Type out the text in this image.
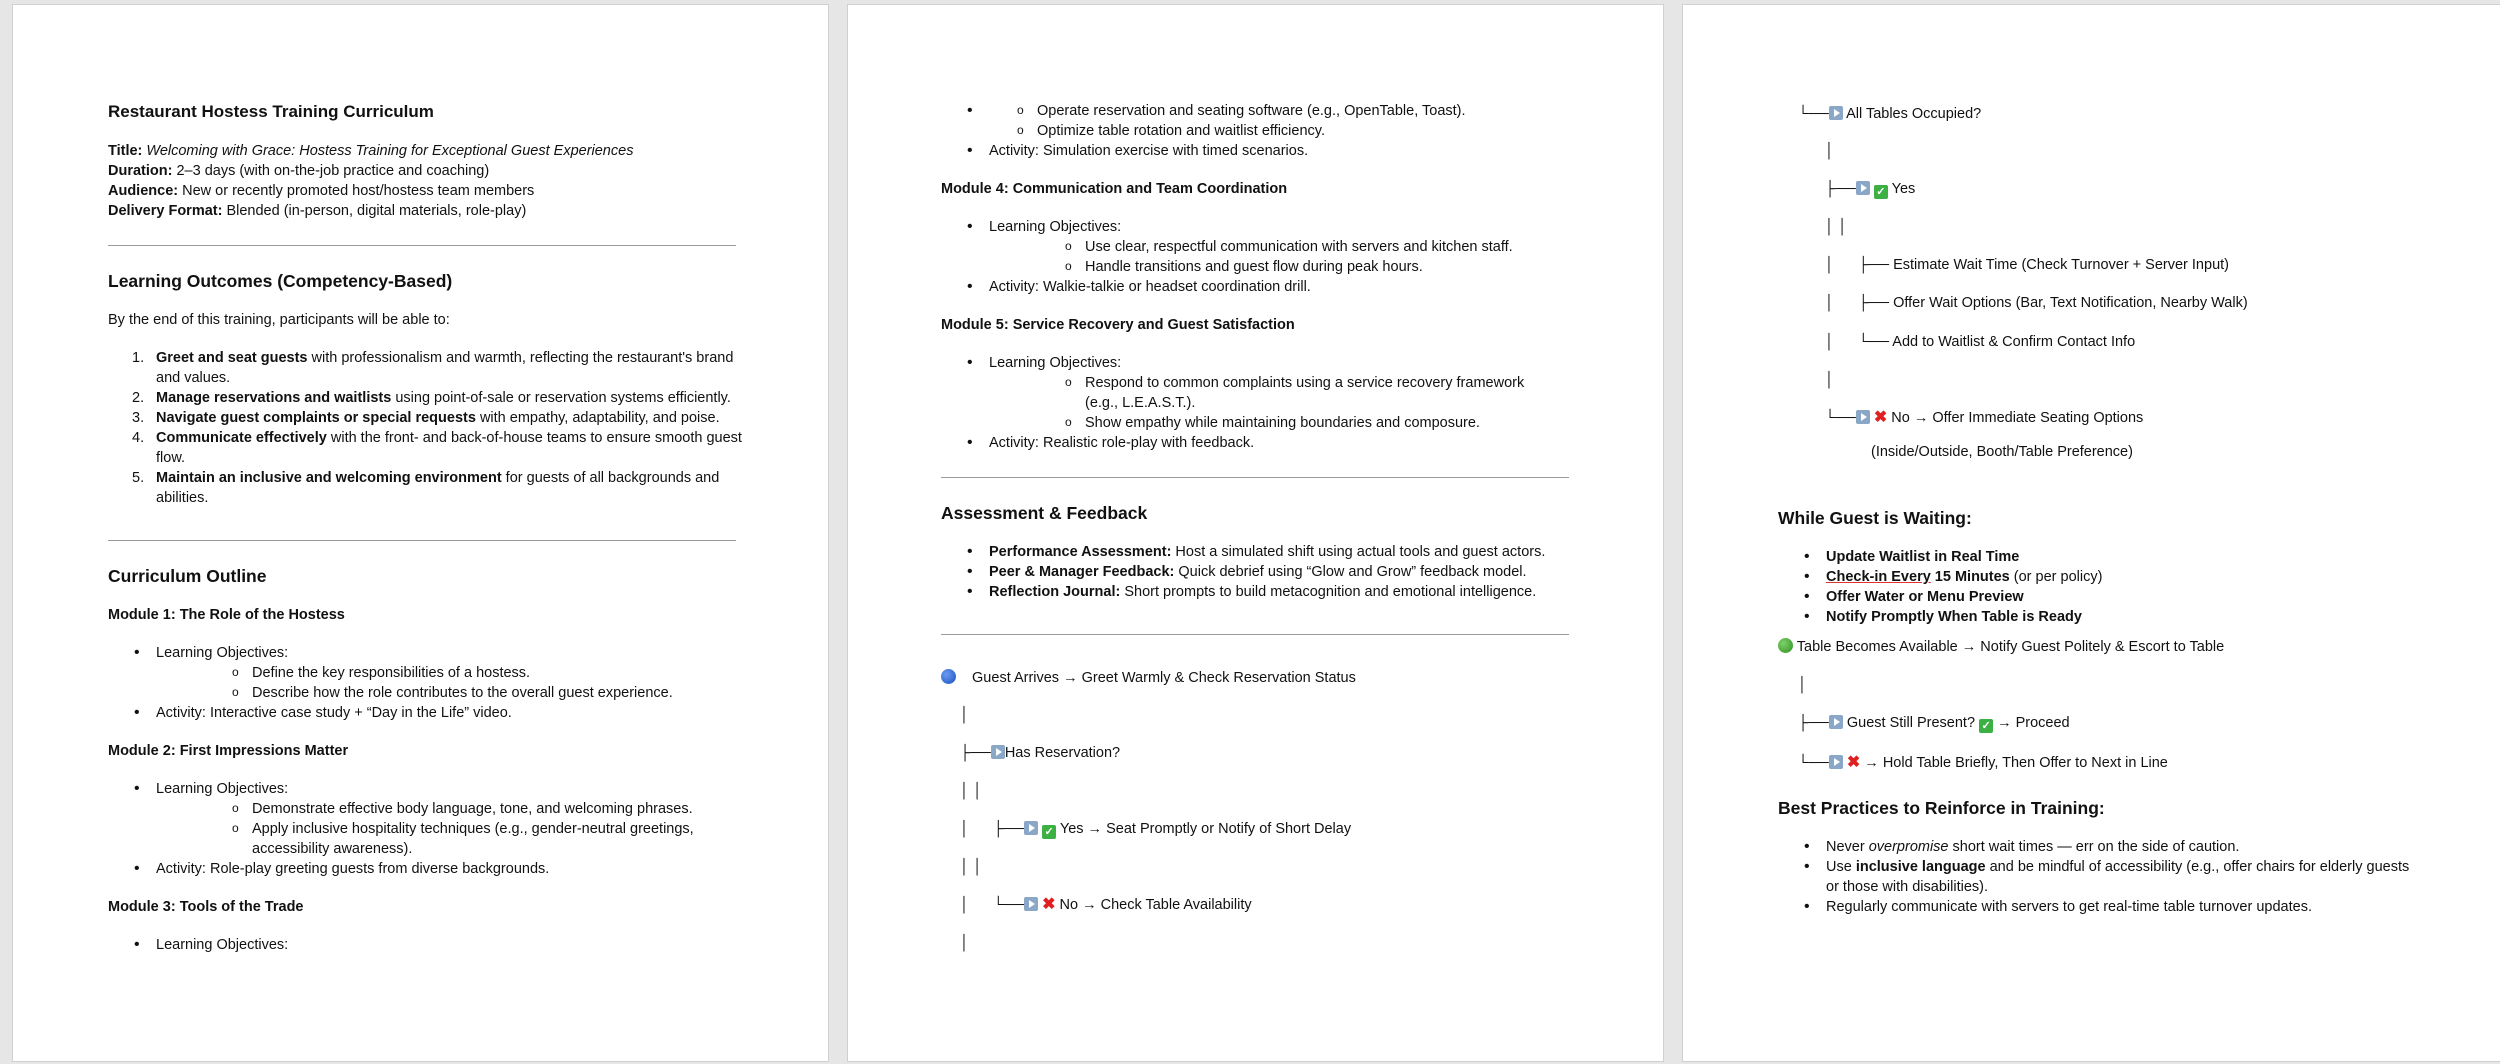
Restaurant Hostess Training Curriculum

Title: Welcoming with Grace: Hostess Training for Exceptional Guest Experiences

Duration: 2–3 days (with on-the-job practice and coaching)

Audience: New or recently promoted host/hostess team members

Delivery Format: Blended (in-person, digital materials, role-play)

Learning Outcomes (Competency-Based)

By the end of this training, participants will be able to:

1. Greet and seat guests with professionalism and warmth, reflecting the restaurant's brand and values.
2. Manage reservations and waitlists using point-of-sale or reservation systems efficiently.
3. Navigate guest complaints or special requests with empathy, adaptability, and poise.
4. Communicate effectively with the front- and back-of-house teams to ensure smooth guest flow.
5. Maintain an inclusive and welcoming environment for guests of all backgrounds and abilities.
Curriculum Outline
Module 1: The Role of the Hostess
• Learning Objectives:
o Define the key responsibilities of a hostess.
o Describe how the role contributes to the overall guest experience.
• Activity: Interactive case study + “Day in the Life” video.
Module 2: First Impressions Matter
• Learning Objectives:
o Demonstrate effective body language, tone, and welcoming phrases.
o Apply inclusive hospitality techniques (e.g., gender-neutral greetings, accessibility awareness).
• Activity: Role-play greeting guests from diverse backgrounds.
Module 3: Tools of the Trade
• Learning Objectives:
o • Operate reservation and seating software (e.g., OpenTable, Toast).
o Optimize table rotation and waitlist efficiency.
• Activity: Simulation exercise with timed scenarios.
Module 4: Communication and Team Coordination
• Learning Objectives:
o Use clear, respectful communication with servers and kitchen staff.
o Handle transitions and guest flow during peak hours.
• Activity: Walkie-talkie or headset coordination drill.
Module 5: Service Recovery and Guest Satisfaction
• Learning Objectives:
o Respond to common complaints using a service recovery framework (e.g., L.E.A.S.T.).
o Show empathy while maintaining boundaries and composure.
• Activity: Realistic role-play with feedback.
Assessment & Feedback
• Performance Assessment: Host a simulated shift using actual tools and guest actors.
• Peer & Manager Feedback: Quick debrief using “Glow and Grow” feedback model.
• Reflection Journal: Short prompts to build metacognition and emotional intelligence.
Guest Arrives → Greet Warmly & Check Reservation Status
│
├── Has Reservation?
│ │
│      ├── ✓ Yes → Seat Promptly or Notify of Short Delay
│ │
│      └── ✖ No → Check Table Availability
│
└── All Tables Occupied?
│
├── ✓ Yes
│ │
│      ├── Estimate Wait Time (Check Turnover + Server Input)
│      ├── Offer Wait Options (Bar, Text Notification, Nearby Walk)
│      └── Add to Waitlist & Confirm Contact Info
│
└── ✖ No → Offer Immediate Seating Options
(Inside/Outside, Booth/Table Preference)
While Guest is Waiting:
• Update Waitlist in Real Time
• Check-in Every 15 Minutes (or per policy)
• Offer Water or Menu Preview
• Notify Promptly When Table is Ready
Table Becomes Available → Notify Guest Politely & Escort to Table
│
├── Guest Still Present? ✓ → Proceed
└── ✖ → Hold Table Briefly, Then Offer to Next in Line
Best Practices to Reinforce in Training:
• Never overpromise short wait times — err on the side of caution.
• Use inclusive language and be mindful of accessibility (e.g., offer chairs for elderly guests or those with disabilities).
• Regularly communicate with servers to get real-time table turnover updates.
